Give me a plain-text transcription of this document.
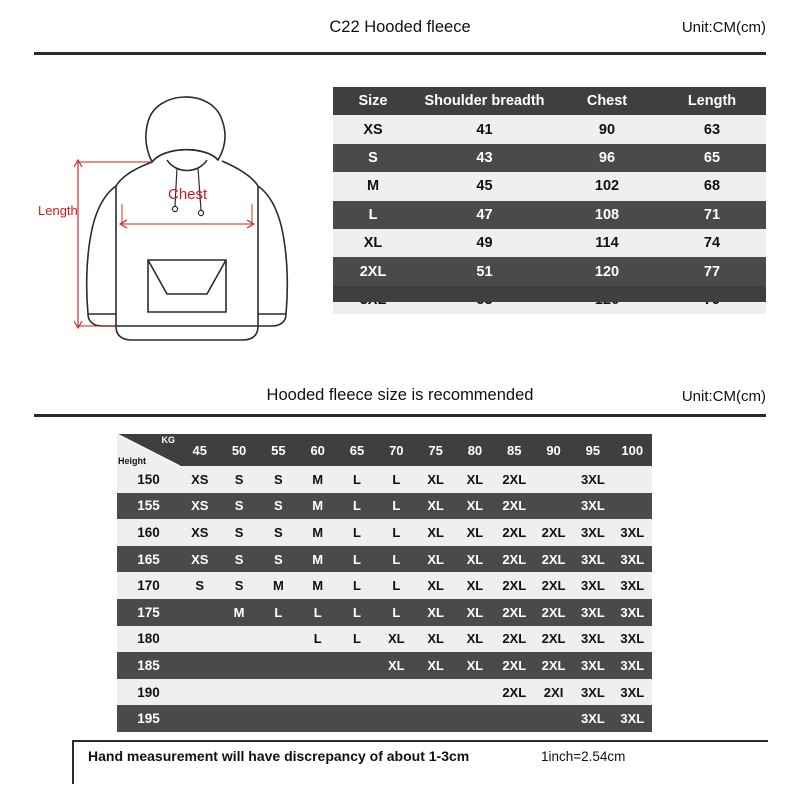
C22 Hooded fleece	Unit:CM(cm)
Length
Chest
Size	Shoulder breadth	Chest	Length
XS	41	90	63
S	43	96	65
M	45	102	68
L	47	108	71
XL	49	114	74
2XL	51	120	77

Hooded fleece size is recommended	Unit:CM(cm)
KG
Height	45	50	55	60	65	70	75	80	85	90	95	100
150	XS	S	S	M	L	L	XL	XL	2XL		3XL	
155	XS	S	S	M	L	L	XL	XL	2XL		3XL	
160	XS	S	S	M	L	L	XL	XL	2XL	2XL	3XL	3XL
165	XS	S	S	M	L	L	XL	XL	2XL	2XL	3XL	3XL
170	S	S	M	M	L	L	XL	XL	2XL	2XL	3XL	3XL
175		M	L	L	L	L	XL	XL	2XL	2XL	3XL	3XL
180				L	L	XL	XL	XL	2XL	2XL	3XL	3XL
185						XL	XL	XL	2XL	2XL	3XL	3XL
190									2XL	2XI	3XL	3XL
195											3XL	3XL
Hand measurement will have discrepancy of about 1-3cm	1inch=2.54cm
